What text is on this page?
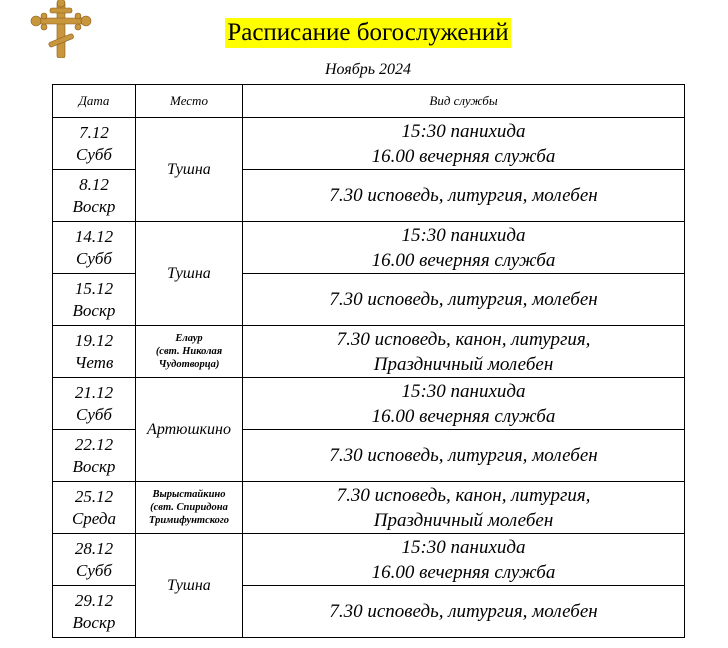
Расписание богослужений
Ноябрь 2024
Дата	Место	Вид службы

7.12
Субб	Тушна	15:30 панихида
16.00 вечерняя служба

8.12
Воскр		7.30 исповедь, литургия, молебен

14.12
Субб	Тушна	15:30 панихида
16.00 вечерняя служба

15.12
Воскр		7.30 исповедь, литургия, молебен

19.12
Четв	Елаур
(свт. Николая
Чудотворца)	7.30 исповедь, канон, литургия,
Праздничный молебен

21.12
Субб	Артюшкино	15:30 панихида
16.00 вечерняя служба

22.12
Воскр		7.30 исповедь, литургия, молебен

25.12
Среда	Вырыстайкино
(свт. Спиридона
Тримифунтского	7.30 исповедь, канон, литургия,
Праздничный молебен

28.12
Субб	Тушна	15:30 панихида
16.00 вечерняя служба

29.12
Воскр		7.30 исповедь, литургия, молебен
